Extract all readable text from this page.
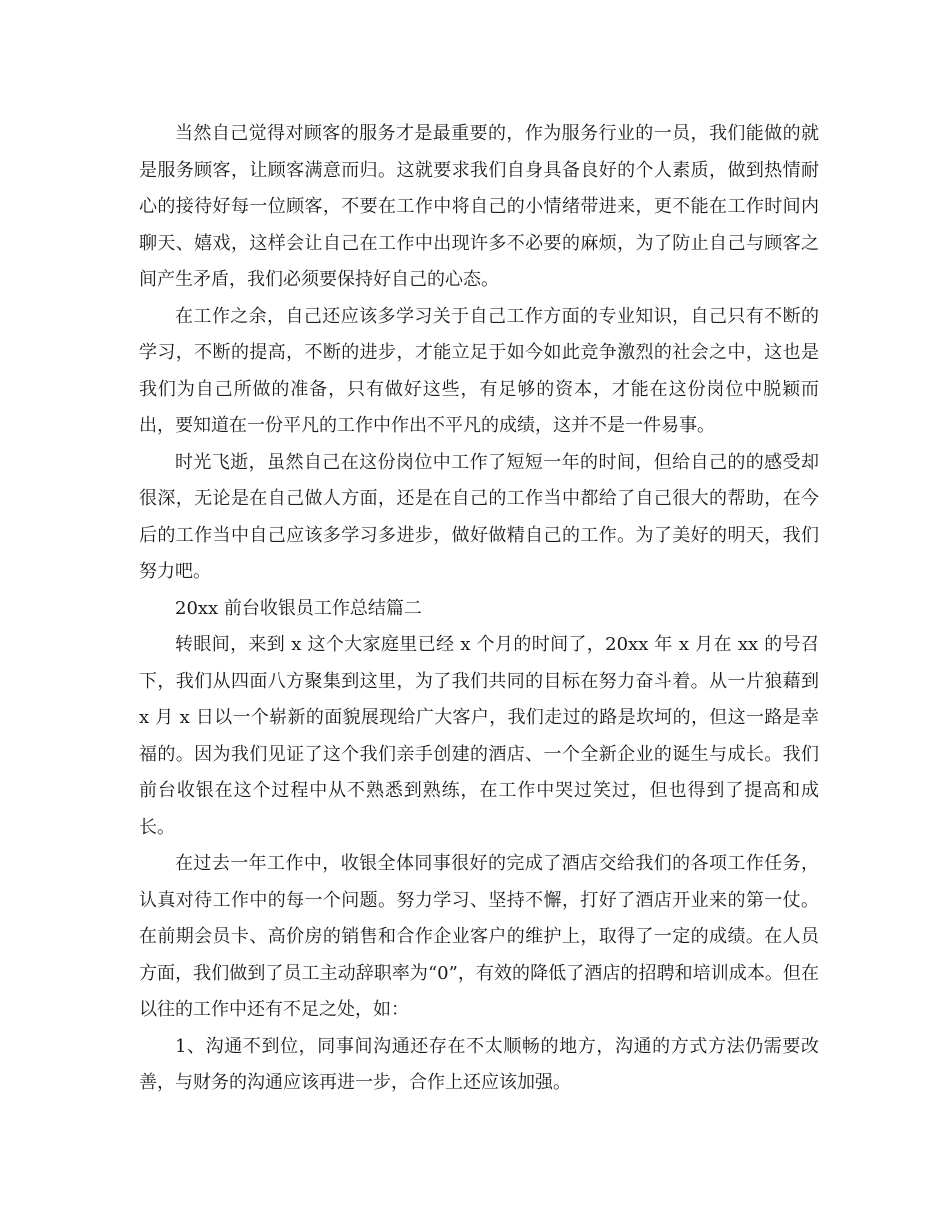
当然自己觉得对顾客的服务才是最重要的，作为服务行业的一员，我们能做的就是服务顾客，让顾客满意而归。这就要求我们自身具备良好的个人素质，做到热情耐心的接待好每一位顾客，不要在工作中将自己的小情绪带进来，更不能在工作时间内聊天、嬉戏，这样会让自己在工作中出现许多不必要的麻烦，为了防止自己与顾客之间产生矛盾，我们必须要保持好自己的心态。

在工作之余，自己还应该多学习关于自己工作方面的专业知识，自己只有不断的学习，不断的提高，不断的进步，才能立足于如今如此竞争激烈的社会之中，这也是我们为自己所做的准备，只有做好这些，有足够的资本，才能在这份岗位中脱颖而出，要知道在一份平凡的工作中作出不平凡的成绩，这并不是一件易事。

时光飞逝，虽然自己在这份岗位中工作了短短一年的时间，但给自己的的感受却很深，无论是在自己做人方面，还是在自己的工作当中都给了自己很大的帮助，在今后的工作当中自己应该多学习多进步，做好做精自己的工作。为了美好的明天，我们努力吧。

20xx 前台收银员工作总结篇二

转眼间，来到 x 这个大家庭里已经 x 个月的时间了，20xx 年 x 月在 xx 的号召下，我们从四面八方聚集到这里，为了我们共同的目标在努力奋斗着。从一片狼藉到 x 月 x 日以一个崭新的面貌展现给广大客户，我们走过的路是坎坷的，但这一路是幸福的。因为我们见证了这个我们亲手创建的酒店、一个全新企业的诞生与成长。我们前台收银在这个过程中从不熟悉到熟练，在工作中哭过笑过，但也得到了提高和成长。

在过去一年工作中，收银全体同事很好的完成了酒店交给我们的各项工作任务，认真对待工作中的每一个问题。努力学习、坚持不懈，打好了酒店开业来的第一仗。在前期会员卡、高价房的销售和合作企业客户的维护上，取得了一定的成绩。在人员方面，我们做到了员工主动辞职率为“0”，有效的降低了酒店的招聘和培训成本。但在以往的工作中还有不足之处，如：

1、沟通不到位，同事间沟通还存在不太顺畅的地方，沟通的方式方法仍需要改善，与财务的沟通应该再进一步，合作上还应该加强。
